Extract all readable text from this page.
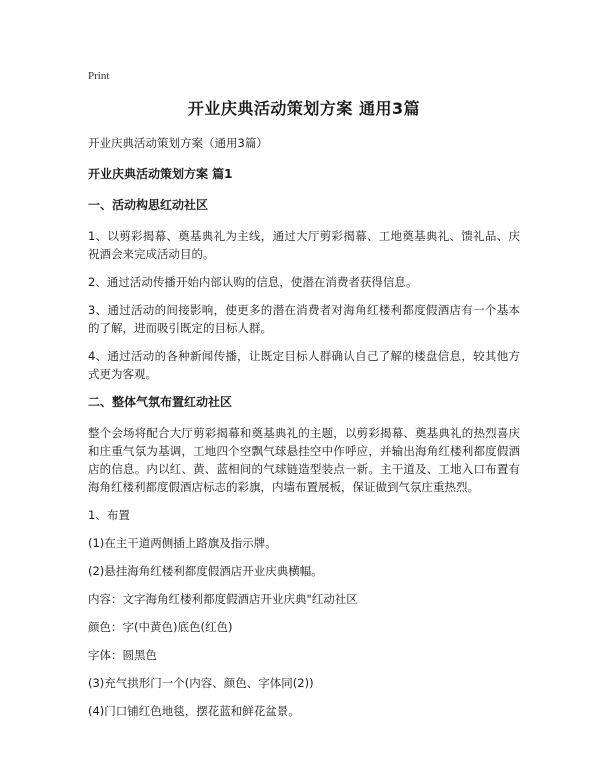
Print
开业庆典活动策划方案 通用3篇
开业庆典活动策划方案（通用3篇）
开业庆典活动策划方案 篇1
一、活动构思红动社区
1、以剪彩揭幕、奠基典礼为主线，通过大厅剪彩揭幕、工地奠基典礼、馈礼品、庆祝酒会来完成活动目的。
2、通过活动传播开始内部认购的信息，使潜在消费者获得信息。
3、通过活动的间接影响，使更多的潜在消费者对海角红楼利都度假酒店有一个基本的了解，进而吸引既定的目标人群。
4、通过活动的各种新闻传播，让既定目标人群确认自己了解的楼盘信息，较其他方式更为客观。
二、整体气氛布置红动社区
整个会场将配合大厅剪彩揭幕和奠基典礼的主题，以剪彩揭幕、奠基典礼的热烈喜庆和庄重气氛为基调，工地四个空飘气球悬挂空中作呼应，并输出海角红楼利都度假酒店的信息。内以红、黄、蓝相间的气球链造型装点一新。主干道及、工地入口布置有海角红楼利都度假酒店标志的彩旗，内墙布置展板，保证做到气氛庄重热烈。
1、布置
(1)在主干道两侧插上路旗及指示牌。
(2)悬挂海角红楼利都度假酒店开业庆典横幅。
内容：文字海角红楼利都度假酒店开业庆典"红动社区
颜色：字(中黄色)底色(红色)
字体：圆黑色
(3)充气拱形门一个(内容、颜色、字体同(2))
(4)门口铺红色地毯，摆花蓝和鲜花盆景。
